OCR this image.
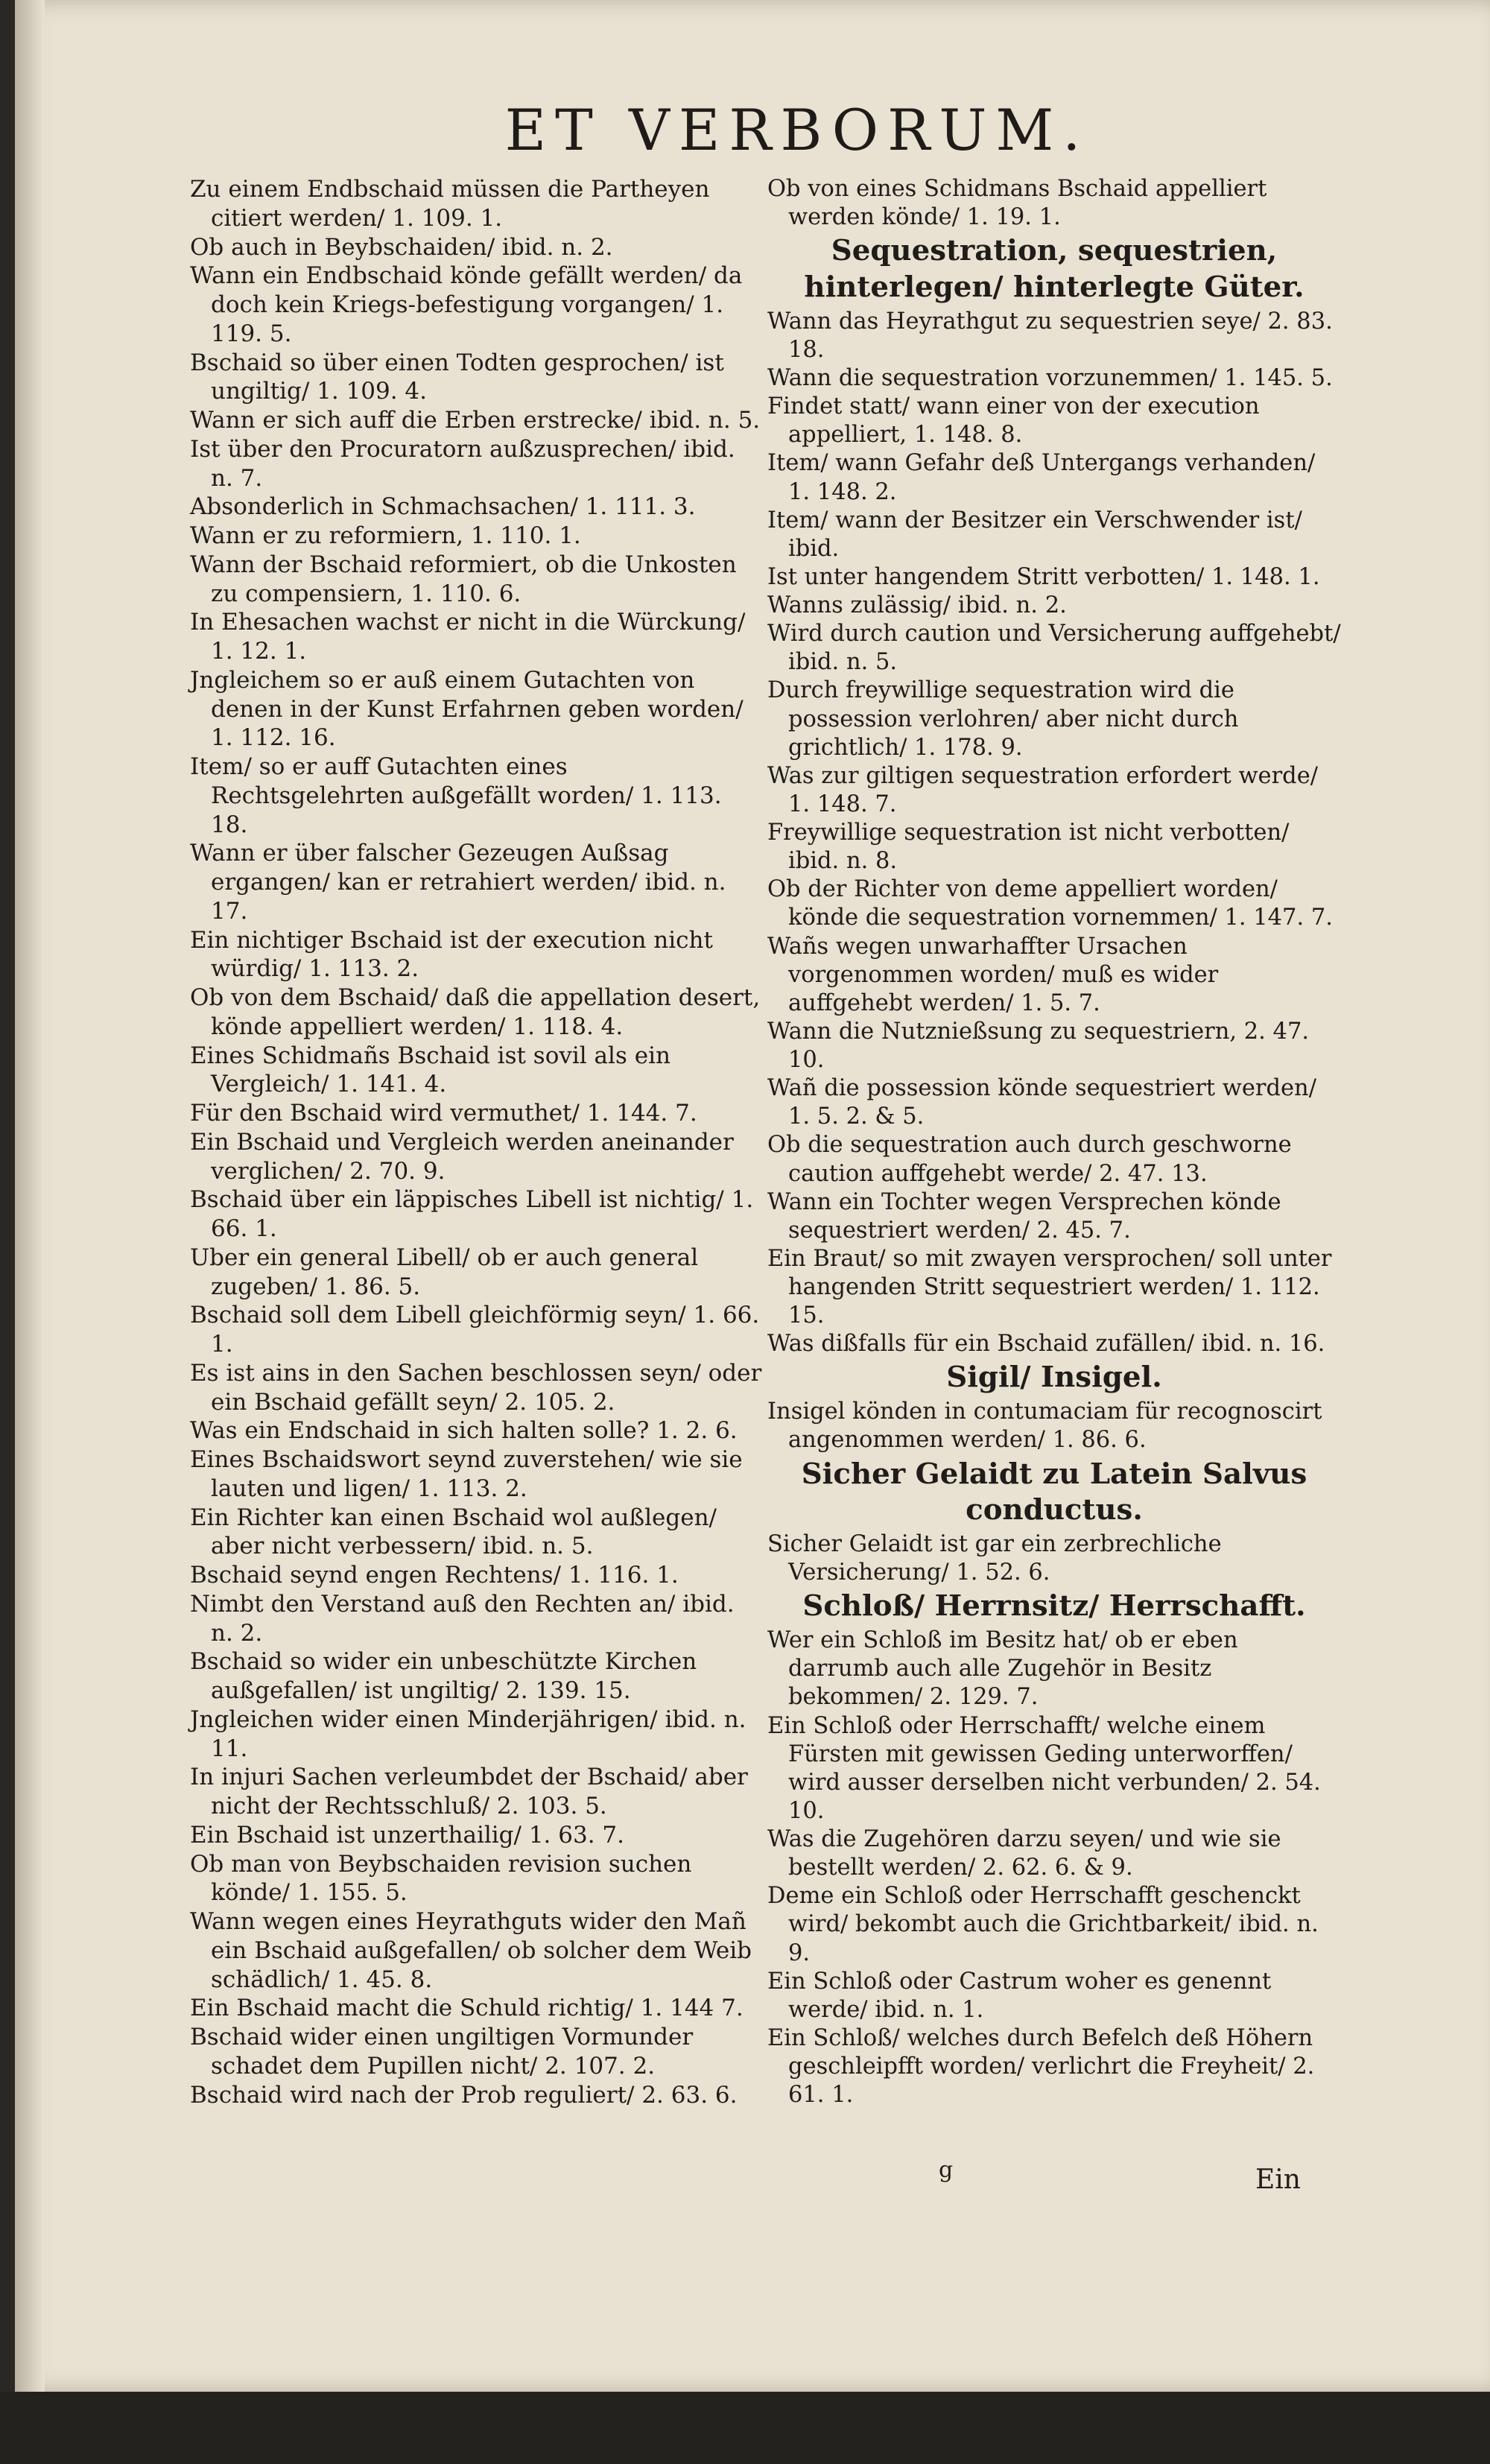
ET VERBORUM.

Zu einem Endbschaid müssen die Partheyen citiert werden/ 1. 109. 1.

Ob auch in Beybschaiden/ ibid. n. 2.

Wann ein Endbschaid könde gefällt werden/ da doch kein Kriegs-befestigung vorgangen/ 1. 119. 5.

Bschaid so über einen Todten gesprochen/ ist ungiltig/ 1. 109. 4.

Wann er sich auff die Erben erstrecke/ ibid. n. 5.

Ist über den Procuratorn außzusprechen/ ibid. n. 7.

Absonderlich in Schmachsachen/ 1. 111. 3.

Wann er zu reformiern, 1. 110. 1.

Wann der Bschaid reformiert, ob die Unkosten zu compensiern, 1. 110. 6.

In Ehesachen wachst er nicht in die Würckung/ 1. 12. 1.

Jngleichem so er auß einem Gutachten von denen in der Kunst Erfahrnen geben worden/ 1. 112. 16.

Item/ so er auff Gutachten eines Rechtsgelehrten außgefällt worden/ 1. 113. 18.

Wann er über falscher Gezeugen Außsag ergangen/ kan er retrahiert werden/ ibid. n. 17.

Ein nichtiger Bschaid ist der execution nicht würdig/ 1. 113. 2.

Ob von dem Bschaid/ daß die appellation desert, könde appelliert werden/ 1. 118. 4.

Eines Schidmañs Bschaid ist sovil als ein Vergleich/ 1. 141. 4.

Für den Bschaid wird vermuthet/ 1. 144. 7.

Ein Bschaid und Vergleich werden aneinander verglichen/ 2. 70. 9.

Bschaid über ein läppisches Libell ist nichtig/ 1. 66. 1.

Uber ein general Libell/ ob er auch general zugeben/ 1. 86. 5.

Bschaid soll dem Libell gleichförmig seyn/ 1. 66. 1.

Es ist ains in den Sachen beschlossen seyn/ oder ein Bschaid gefällt seyn/ 2. 105. 2.

Was ein Endschaid in sich halten solle? 1. 2. 6.

Eines Bschaidswort seynd zuverstehen/ wie sie lauten und ligen/ 1. 113. 2.

Ein Richter kan einen Bschaid wol außlegen/ aber nicht verbessern/ ibid. n. 5.

Bschaid seynd engen Rechtens/ 1. 116. 1.

Nimbt den Verstand auß den Rechten an/ ibid. n. 2.

Bschaid so wider ein unbeschützte Kirchen außgefallen/ ist ungiltig/ 2. 139. 15.

Jngleichen wider einen Minderjährigen/ ibid. n. 11.

In injuri Sachen verleumbdet der Bschaid/ aber nicht der Rechtsschluß/ 2. 103. 5.

Ein Bschaid ist unzerthailig/ 1. 63. 7.

Ob man von Beybschaiden revision suchen könde/ 1. 155. 5.

Wann wegen eines Heyrathguts wider den Mañ ein Bschaid außgefallen/ ob solcher dem Weib schädlich/ 1. 45. 8.

Ein Bschaid macht die Schuld richtig/ 1. 144 7.

Bschaid wider einen ungiltigen Vormunder schadet dem Pupillen nicht/ 2. 107. 2.

Bschaid wird nach der Prob reguliert/ 2. 63. 6.

Ob von eines Schidmans Bschaid appelliert werden könde/ 1. 19. 1.

Sequestration, sequestrien, hinterlegen/ hinterlegte Güter.

Wann das Heyrathgut zu sequestrien seye/ 2. 83. 18.

Wann die sequestration vorzunemmen/ 1. 145. 5.

Findet statt/ wann einer von der execution appelliert, 1. 148. 8.

Item/ wann Gefahr deß Untergangs verhanden/ 1. 148. 2.

Item/ wann der Besitzer ein Verschwender ist/ ibid.

Ist unter hangendem Stritt verbotten/ 1. 148. 1.

Wanns zulässig/ ibid. n. 2.

Wird durch caution und Versicherung auffgehebt/ ibid. n. 5.

Durch freywillige sequestration wird die possession verlohren/ aber nicht durch grichtlich/ 1. 178. 9.

Was zur giltigen sequestration erfordert werde/ 1. 148. 7.

Freywillige sequestration ist nicht verbotten/ ibid. n. 8.

Ob der Richter von deme appelliert worden/ könde die sequestration vornemmen/ 1. 147. 7.

Wañs wegen unwarhaffter Ursachen vorgenommen worden/ muß es wider auffgehebt werden/ 1. 5. 7.

Wann die Nutznießsung zu sequestriern, 2. 47. 10.

Wañ die possession könde sequestriert werden/ 1. 5. 2. & 5.

Ob die sequestration auch durch geschworne caution auffgehebt werde/ 2. 47. 13.

Wann ein Tochter wegen Versprechen könde sequestriert werden/ 2. 45. 7.

Ein Braut/ so mit zwayen versprochen/ soll unter hangenden Stritt sequestriert werden/ 1. 112. 15.

Was dißfalls für ein Bschaid zufällen/ ibid. n. 16.

Sigil/ Insigel.

Insigel könden in contumaciam für recognoscirt angenommen werden/ 1. 86. 6.

Sicher Gelaidt zu Latein Salvus conductus.

Sicher Gelaidt ist gar ein zerbrechliche Versicherung/ 1. 52. 6.

Schloß/ Herrnsitz/ Herrschafft.

Wer ein Schloß im Besitz hat/ ob er eben darrumb auch alle Zugehör in Besitz bekommen/ 2. 129. 7.

Ein Schloß oder Herrschafft/ welche einem Fürsten mit gewissen Geding unterworffen/ wird ausser derselben nicht verbunden/ 2. 54. 10.

Was die Zugehören darzu seyen/ und wie sie bestellt werden/ 2. 62. 6. & 9.

Deme ein Schloß oder Herrschafft geschenckt wird/ bekombt auch die Grichtbarkeit/ ibid. n. 9.

Ein Schloß oder Castrum woher es genennt werde/ ibid. n. 1.

Ein Schloß/ welches durch Befelch deß Höhern geschleipfft worden/ verlichrt die Freyheit/ 2. 61. 1.

g	Ein
